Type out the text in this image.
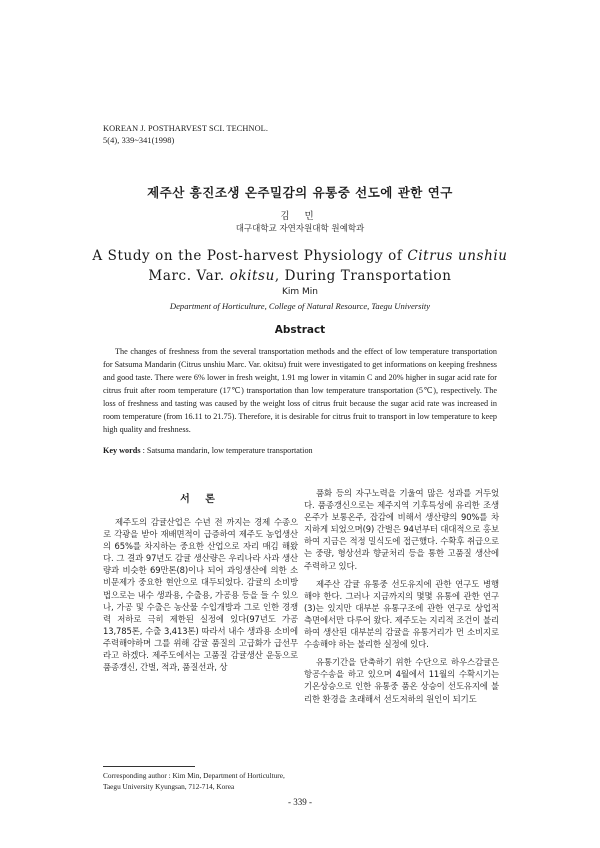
KOREAN J. POSTHARVEST SCI. TECHNOL.
5(4), 339~341(1998)
제주산 흥진조생 온주밀감의 유통중 선도에 관한 연구
김 민
대구대학교 자연자원대학 원예학과
A Study on the Post-harvest Physiology of Citrus unshiu
Marc. Var. okitsu, During Transportation
Kim Min
Department of Horticulture, College of Natural Resource, Taegu University
Abstract
The changes of freshness from the several transportation methods and the effect of low temperature transportation for Satsuma Mandarin (Citrus unshiu Marc. Var. okitsu) fruit were investigated to get informations on keeping freshness and good taste. There were 6% lower in fresh weight, 1.91 mg lower in vitamin C and 20% higher in sugar acid rate for citrus fruit after room temperature (17℃) transportation than low temperature transportation (5℃), respectively. The loss of freshness and tasting was caused by the weight loss of citrus fruit because the sugar acid rate was increased in room temperature (from 16.11 to 21.75). Therefore, it is desirable for citrus fruit to transport in low temperature to keep high quality and freshness.
Key words : Satsuma mandarin, low temperature transportation
서 론

제주도의 감귤산업은 수년 전 까지는 경제 수종으로 각광을 받아 재배면적이 급증하여 제주도 농업생산의 65%를 차지하는 중요한 산업으로 자리 매김 해왔다. 그 결과 97년도 감귤 생산량은 우리나라 사과 생산량과 비슷한 69만톤(8)이나 되어 과잉생산에 의한 소비문제가 중요한 현안으로 대두되었다. 감귤의 소비방법으로는 내수 생과용, 수출용, 가공용 등을 들 수 있으나, 가공 및 수출은 농산물 수입개방과 그로 인한 경쟁력 저하로 극히 제한된 실정에 있다(97년도 가공 13,785톤, 수출 3,413톤) 따라서 내수 생과용 소비에 주력해야하며 그를 위해 감귤 품질의 고급화가 급선무라고 하겠다. 제주도에서는 고품질 감귤생산 운동으로 품종갱신, 간벌, 적과, 품질선과, 상

품화 등의 자구노력을 기울여 많은 성과를 거두었다. 품종갱신으로는 제주지역 기후특성에 유리한 조생온주가 보통온주, 잡감에 비해서 생산량의 90%를 차지하게 되었으며(9) 간벌은 94년부터 대대적으로 홍보하여 지금은 적정 밀식도에 접근했다. 수확후 취급으로는 중량, 형상선과 향균처리 등을 통한 고품질 생산에 주력하고 있다.

제주산 감귤 유통중 선도유지에 관한 연구도 병행해야 한다. 그러나 지금까지의 몇몇 유통에 관한 연구(3)는 있지만 대부분 유통구조에 관한 연구로 상업적 측면에서만 다루어 왔다. 제주도는 지리적 조건이 불리하여 생산된 대부분의 감귤을 유통거리가 먼 소비지로 수송해야 하는 불리한 실정에 있다.

유통기간을 단축하기 위한 수단으로 하우스감귤은 항공수송을 하고 있으며 4월에서 11월의 수확시기는 기온상승으로 인한 유통중 품온 상승이 선도유지에 불리한 환경을 초래해서 선도저하의 원인이 되기도

Corresponding author : Kim Min, Department of Horticulture,
Taegu University Kyungsan, 712-714, Korea
- 339 -
